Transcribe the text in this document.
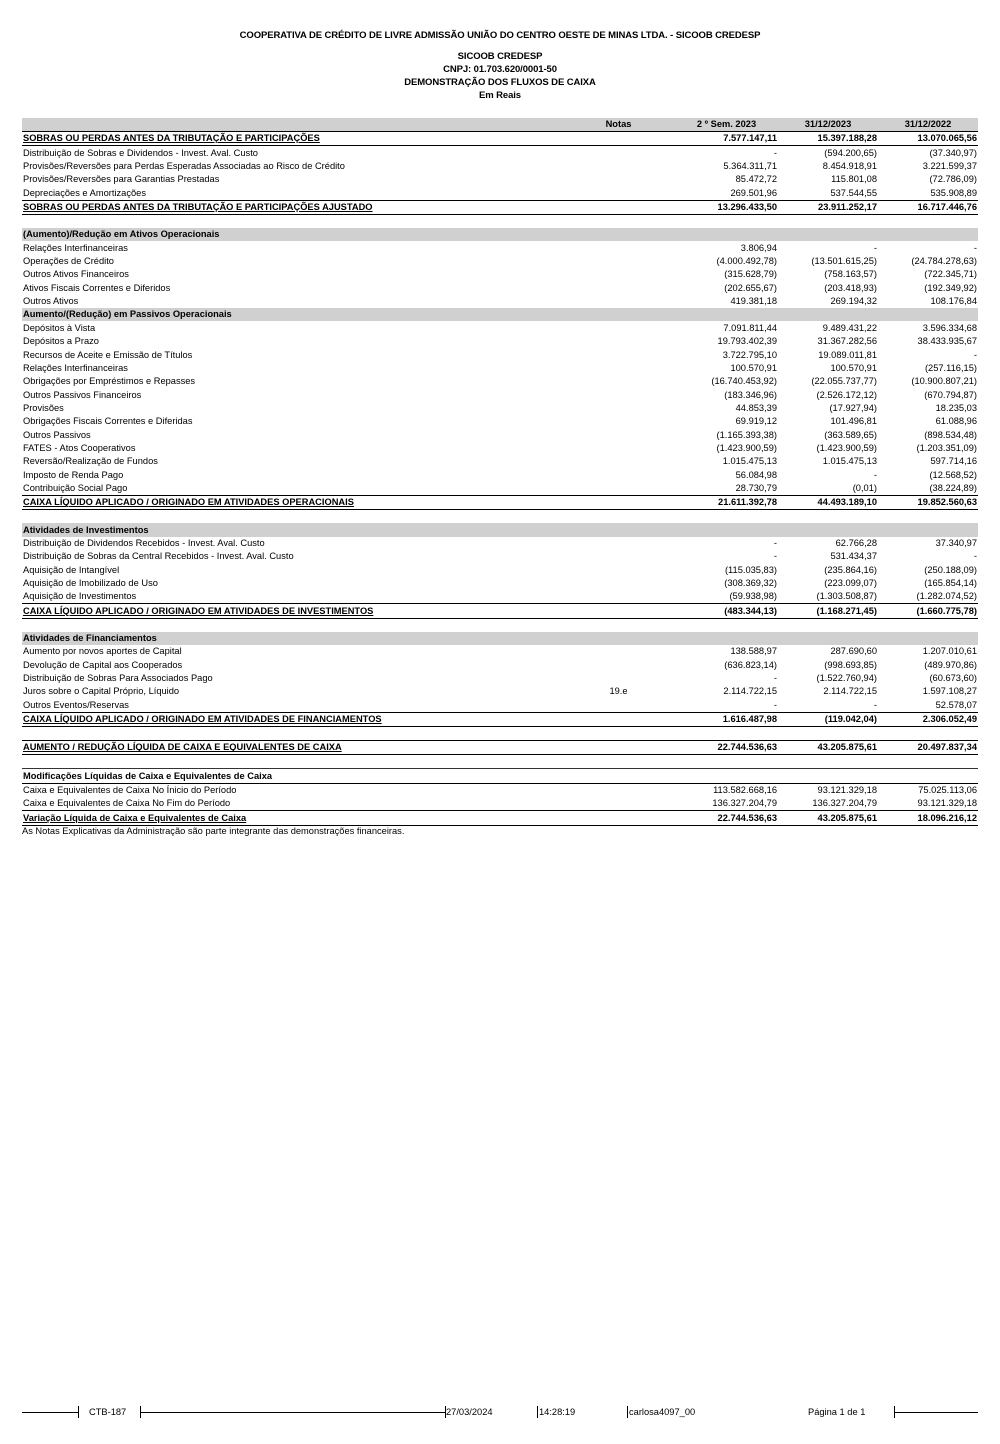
COOPERATIVA DE CRÉDITO DE LIVRE ADMISSÃO UNIÃO DO CENTRO OESTE DE MINAS LTDA. - SICOOB CREDESP
SICOOB CREDESP
CNPJ: 01.703.620/0001-50
DEMONSTRAÇÃO DOS FLUXOS DE CAIXA
Em Reais
	Notas	2 º Sem. 2023	31/12/2023	31/12/2022
SOBRAS OU PERDAS ANTES DA TRIBUTAÇÃO E PARTICIPAÇÕES		7.577.147,11	15.397.188,28	13.070.065,56
Distribuição de Sobras e Dividendos - Invest. Aval. Custo		-	(594.200,65)	(37.340,97)
Provisões/Reversões para Perdas Esperadas Associadas ao Risco de Crédito		5.364.311,71	8.454.918,91	3.221.599,37
Provisões/Reversões para Garantias Prestadas		85.472,72	115.801,08	(72.786,09)
Depreciações e Amortizações		269.501,96	537.544,55	535.908,89
SOBRAS OU PERDAS ANTES DA TRIBUTAÇÃO E PARTICIPAÇÕES AJUSTADO		13.296.433,50	23.911.252,17	16.717.446,76

(Aumento)/Redução em Ativos Operacionais				
Relações Interfinanceiras		3.806,94	-	-
Operações de Crédito		(4.000.492,78)	(13.501.615,25)	(24.784.278,63)
Outros Ativos Financeiros		(315.628,79)	(758.163,57)	(722.345,71)
Ativos Fiscais Correntes e Diferidos		(202.655,67)	(203.418,93)	(192.349,92)
Outros Ativos		419.381,18	269.194,32	108.176,84
Aumento/(Redução) em Passivos Operacionais				
Depósitos à Vista		7.091.811,44	9.489.431,22	3.596.334,68
Depósitos a Prazo		19.793.402,39	31.367.282,56	38.433.935,67
Recursos de Aceite e Emissão de Títulos		3.722.795,10	19.089.011,81	-
Relações Interfinanceiras		100.570,91	100.570,91	(257.116,15)
Obrigações por Empréstimos e Repasses		(16.740.453,92)	(22.055.737,77)	(10.900.807,21)
Outros Passivos Financeiros		(183.346,96)	(2.526.172,12)	(670.794,87)
Provisões		44.853,39	(17.927,94)	18.235,03
Obrigações Fiscais Correntes e Diferidas		69.919,12	101.496,81	61.088,96
Outros Passivos		(1.165.393,38)	(363.589,65)	(898.534,48)
FATES - Atos Cooperativos		(1.423.900,59)	(1.423.900,59)	(1.203.351,09)
Reversão/Realização de Fundos		1.015.475,13	1.015.475,13	597.714,16
Imposto de Renda Pago		56.084,98	-	(12.568,52)
Contribuição Social Pago		28.730,79	(0,01)	(38.224,89)
CAIXA LÍQUIDO APLICADO / ORIGINADO EM ATIVIDADES OPERACIONAIS		21.611.392,78	44.493.189,10	19.852.560,63

Atividades de Investimentos				
Distribuição de Dividendos Recebidos - Invest. Aval. Custo		-	62.766,28	37.340,97
Distribuição de Sobras da Central Recebidos - Invest. Aval. Custo		-	531.434,37	-
Aquisição de Intangível		(115.035,83)	(235.864,16)	(250.188,09)
Aquisição de Imobilizado de Uso		(308.369,32)	(223.099,07)	(165.854,14)
Aquisição de Investimentos		(59.938,98)	(1.303.508,87)	(1.282.074,52)
CAIXA LÍQUIDO APLICADO / ORIGINADO EM ATIVIDADES DE INVESTIMENTOS		(483.344,13)	(1.168.271,45)	(1.660.775,78)

Atividades de Financiamentos				
Aumento por novos aportes de Capital		138.588,97	287.690,60	1.207.010,61
Devolução de Capital aos Cooperados		(636.823,14)	(998.693,85)	(489.970,86)
Distribuição de Sobras Para Associados Pago		-	(1.522.760,94)	(60.673,60)
Juros sobre o Capital Próprio, Líquido	19.e	2.114.722,15	2.114.722,15	1.597.108,27
Outros Eventos/Reservas		-	-	52.578,07
CAIXA LÍQUIDO APLICADO / ORIGINADO EM ATIVIDADES DE FINANCIAMENTOS		1.616.487,98	(119.042,04)	2.306.052,49

AUMENTO / REDUÇÃO LÍQUIDA DE CAIXA E EQUIVALENTES DE CAIXA		22.744.536,63	43.205.875,61	20.497.837,34

Modificações Líquidas de Caixa e Equivalentes de Caixa				
Caixa e Equivalentes de Caixa No Ínicio do Período		113.582.668,16	93.121.329,18	75.025.113,06
Caixa e Equivalentes de Caixa No Fim do Período		136.327.204,79	136.327.204,79	93.121.329,18
Variação Líquida de Caixa e Equivalentes de Caixa		22.744.536,63	43.205.875,61	18.096.216,12
As Notas Explicativas da Administração são parte integrante das demonstrações financeiras.
CTB-187	27/03/2024	14:28:19	carlosa4097_00	Página 1 de 1
